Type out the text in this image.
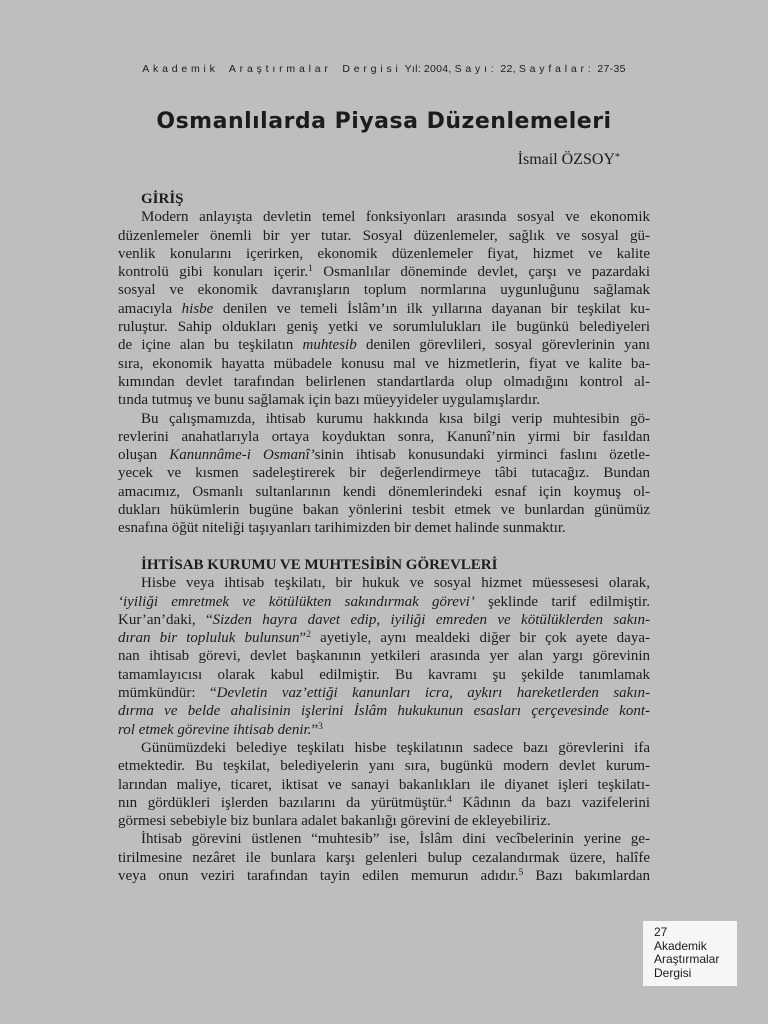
Akademik Araştırmalar Dergisi Yıl: 2004, Sayı: 22, Sayfalar: 27-35
Osmanlılarda Piyasa Düzenlemeleri
İsmail ÖZSOY*
GİRİŞ
Modern anlayışta devletin temel fonksiyonları arasında sosyal ve ekonomik
düzenlemeler önemli bir yer tutar. Sosyal düzenlemeler, sağlık ve sosyal gü-
venlik konularını içerirken, ekonomik düzenlemeler fiyat, hizmet ve kalite
kontrolü gibi konuları içerir.$^1$ Osmanlılar döneminde devlet, çarşı ve pazardaki
sosyal ve ekonomik davranışların toplum normlarına uygunluğunu sağlamak
amacıyla hisbe denilen ve temeli İslâm’ın ilk yıllarına dayanan bir teşkilat ku-
ruluştur. Sahip oldukları geniş yetki ve sorumlulukları ile bugünkü belediyeleri
de içine alan bu teşkilatın muhtesib denilen görevlileri, sosyal görevlerinin yanı
sıra, ekonomik hayatta mübadele konusu mal ve hizmetlerin, fiyat ve kalite ba-
kımından devlet tarafından belirlenen standartlarda olup olmadığını kontrol al-
tında tutmuş ve bunu sağlamak için bazı müeyyideler uygulamışlardır.
Bu çalışmamızda, ihtisab kurumu hakkında kısa bilgi verip muhtesibin gö-
revlerini anahatlarıyla ortaya koyduktan sonra, Kanunî’nin yirmi bir fasıldan
oluşan Kanunnâme-i Osmanî’sinin ihtisab konusundaki yirminci faslını özetle-
yecek ve kısmen sadeleştirerek bir değerlendirmeye tâbi tutacağız. Bundan
amacımız, Osmanlı sultanlarının kendi dönemlerindeki esnaf için koymuş ol-
dukları hükümlerin bugüne bakan yönlerini tesbit etmek ve bunlardan günümüz
esnafına öğüt niteliği taşıyanları tarihimizden bir demet halinde sunmaktır.
İHTİSAB KURUMU VE MUHTESİBİN GÖREVLERİ
Hisbe veya ihtisab teşkilatı, bir hukuk ve sosyal hizmet müessesesi olarak,
‘iyiliği emretmek ve kötülükten sakındırmak görevi’ şeklinde tarif edilmiştir.
Kur’an’daki, “Sizden hayra davet edip, iyiliği emreden ve kötülüklerden sakın-
dıran bir topluluk bulunsun”$^2$ ayetiyle, aynı mealdeki diğer bir çok ayete daya-
nan ihtisab görevi, devlet başkanının yetkileri arasında yer alan yargı görevinin
tamamlayıcısı olarak kabul edilmiştir. Bu kavramı şu şekilde tanımlamak
mümkündür: “Devletin vaz’ettiği kanunları icra, aykırı hareketlerden sakın-
dırma ve belde ahalisinin işlerini İslâm hukukunun esasları çerçevesinde kont-
rol etmek görevine ihtisab denir.”$^3$
Günümüzdeki belediye teşkilatı hisbe teşkilatının sadece bazı görevlerini ifa
etmektedir. Bu teşkilat, belediyelerin yanı sıra, bugünkü modern devlet kurum-
larından maliye, ticaret, iktisat ve sanayi bakanlıkları ile diyanet işleri teşkilatı-
nın gördükleri işlerden bazılarını da yürütmüştür.$^4$ Kâdının da bazı vazifelerini
görmesi sebebiyle biz bunlara adalet bakanlığı görevini de ekleyebiliriz.
İhtisab görevini üstlenen “muhtesib” ise, İslâm dini vecîbelerinin yerine ge-
tirilmesine nezâret ile bunlara karşı gelenleri bulup cezalandırmak üzere, halîfe
veya onun veziri tarafından tayin edilen memurun adıdır.$^5$ Bazı bakımlardan
27
Akademik
Araştırmalar
Dergisi
